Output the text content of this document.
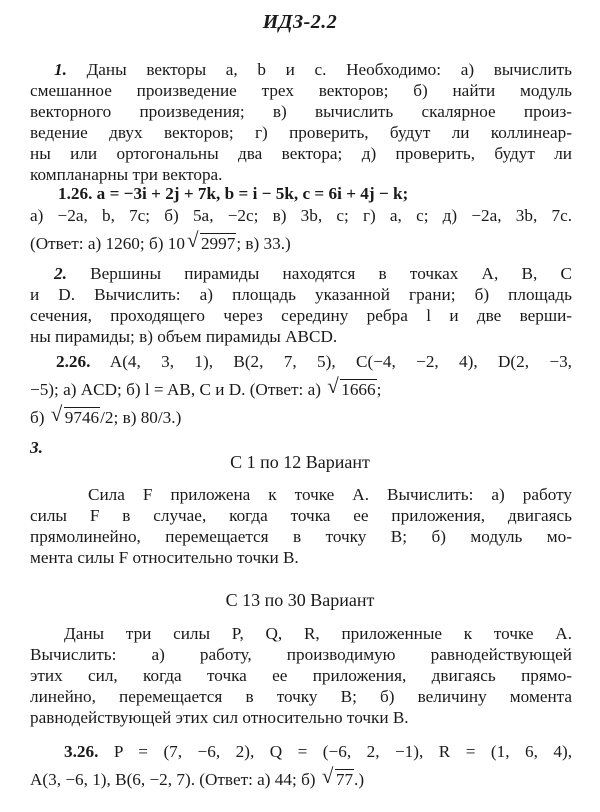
ИДЗ-2.2
1. Даны векторы a, b и c. Необходимо: а) вычислить
смешанное произведение трех векторов; б) найти модуль
векторного произведения; в) вычислить скалярное произ-
ведение двух векторов; г) проверить, будут ли коллинеар-
ны или ортогональны два вектора; д) проверить, будут ли
компланарны три вектора.
1.26. a = −3i + 2j + 7k, b = i − 5k, c = 6i + 4j − k;
а) −2a, b, 7c; б) 5a, −2c; в) 3b, c; г) a, c; д) −2a, 3b, 7c.
(Ответ: а) 1260; б) 10 √ 2997; в) 33.)
2. Вершины пирамиды находятся в точках A, B, C
и D. Вычислить: а) площадь указанной грани; б) площадь
сечения, проходящего через середину ребра l и две верши-
ны пирамиды; в) объем пирамиды ABCD.
2.26. A(4, 3, 1), B(2, 7, 5), C(−4, −2, 4), D(2, −3,
−5); а) ACD; б) l = AB, C и D. (Ответ: а) √ 1666;
б) √ 9746/2; в) 80/3.)
3.
С 1 по 12 Вариант
Сила F приложена к точке A. Вычислить: а) работу
силы F в случае, когда точка ее приложения, двигаясь
прямолинейно, перемещается в точку B; б) модуль мо-
мента силы F относительно точки B.
С 13 по 30 Вариант
Даны три силы P, Q, R, приложенные к точке A.
Вычислить: а) работу, производимую равнодействующей
этих сил, когда точка ее приложения, двигаясь прямо-
линейно, перемещается в точку B; б) величину момента
равнодействующей этих сил относительно точки B.
3.26. P = (7, −6, 2), Q = (−6, 2, −1), R = (1, 6, 4),
A(3, −6, 1), B(6, −2, 7). (Ответ: а) 44; б) √ 77.)
